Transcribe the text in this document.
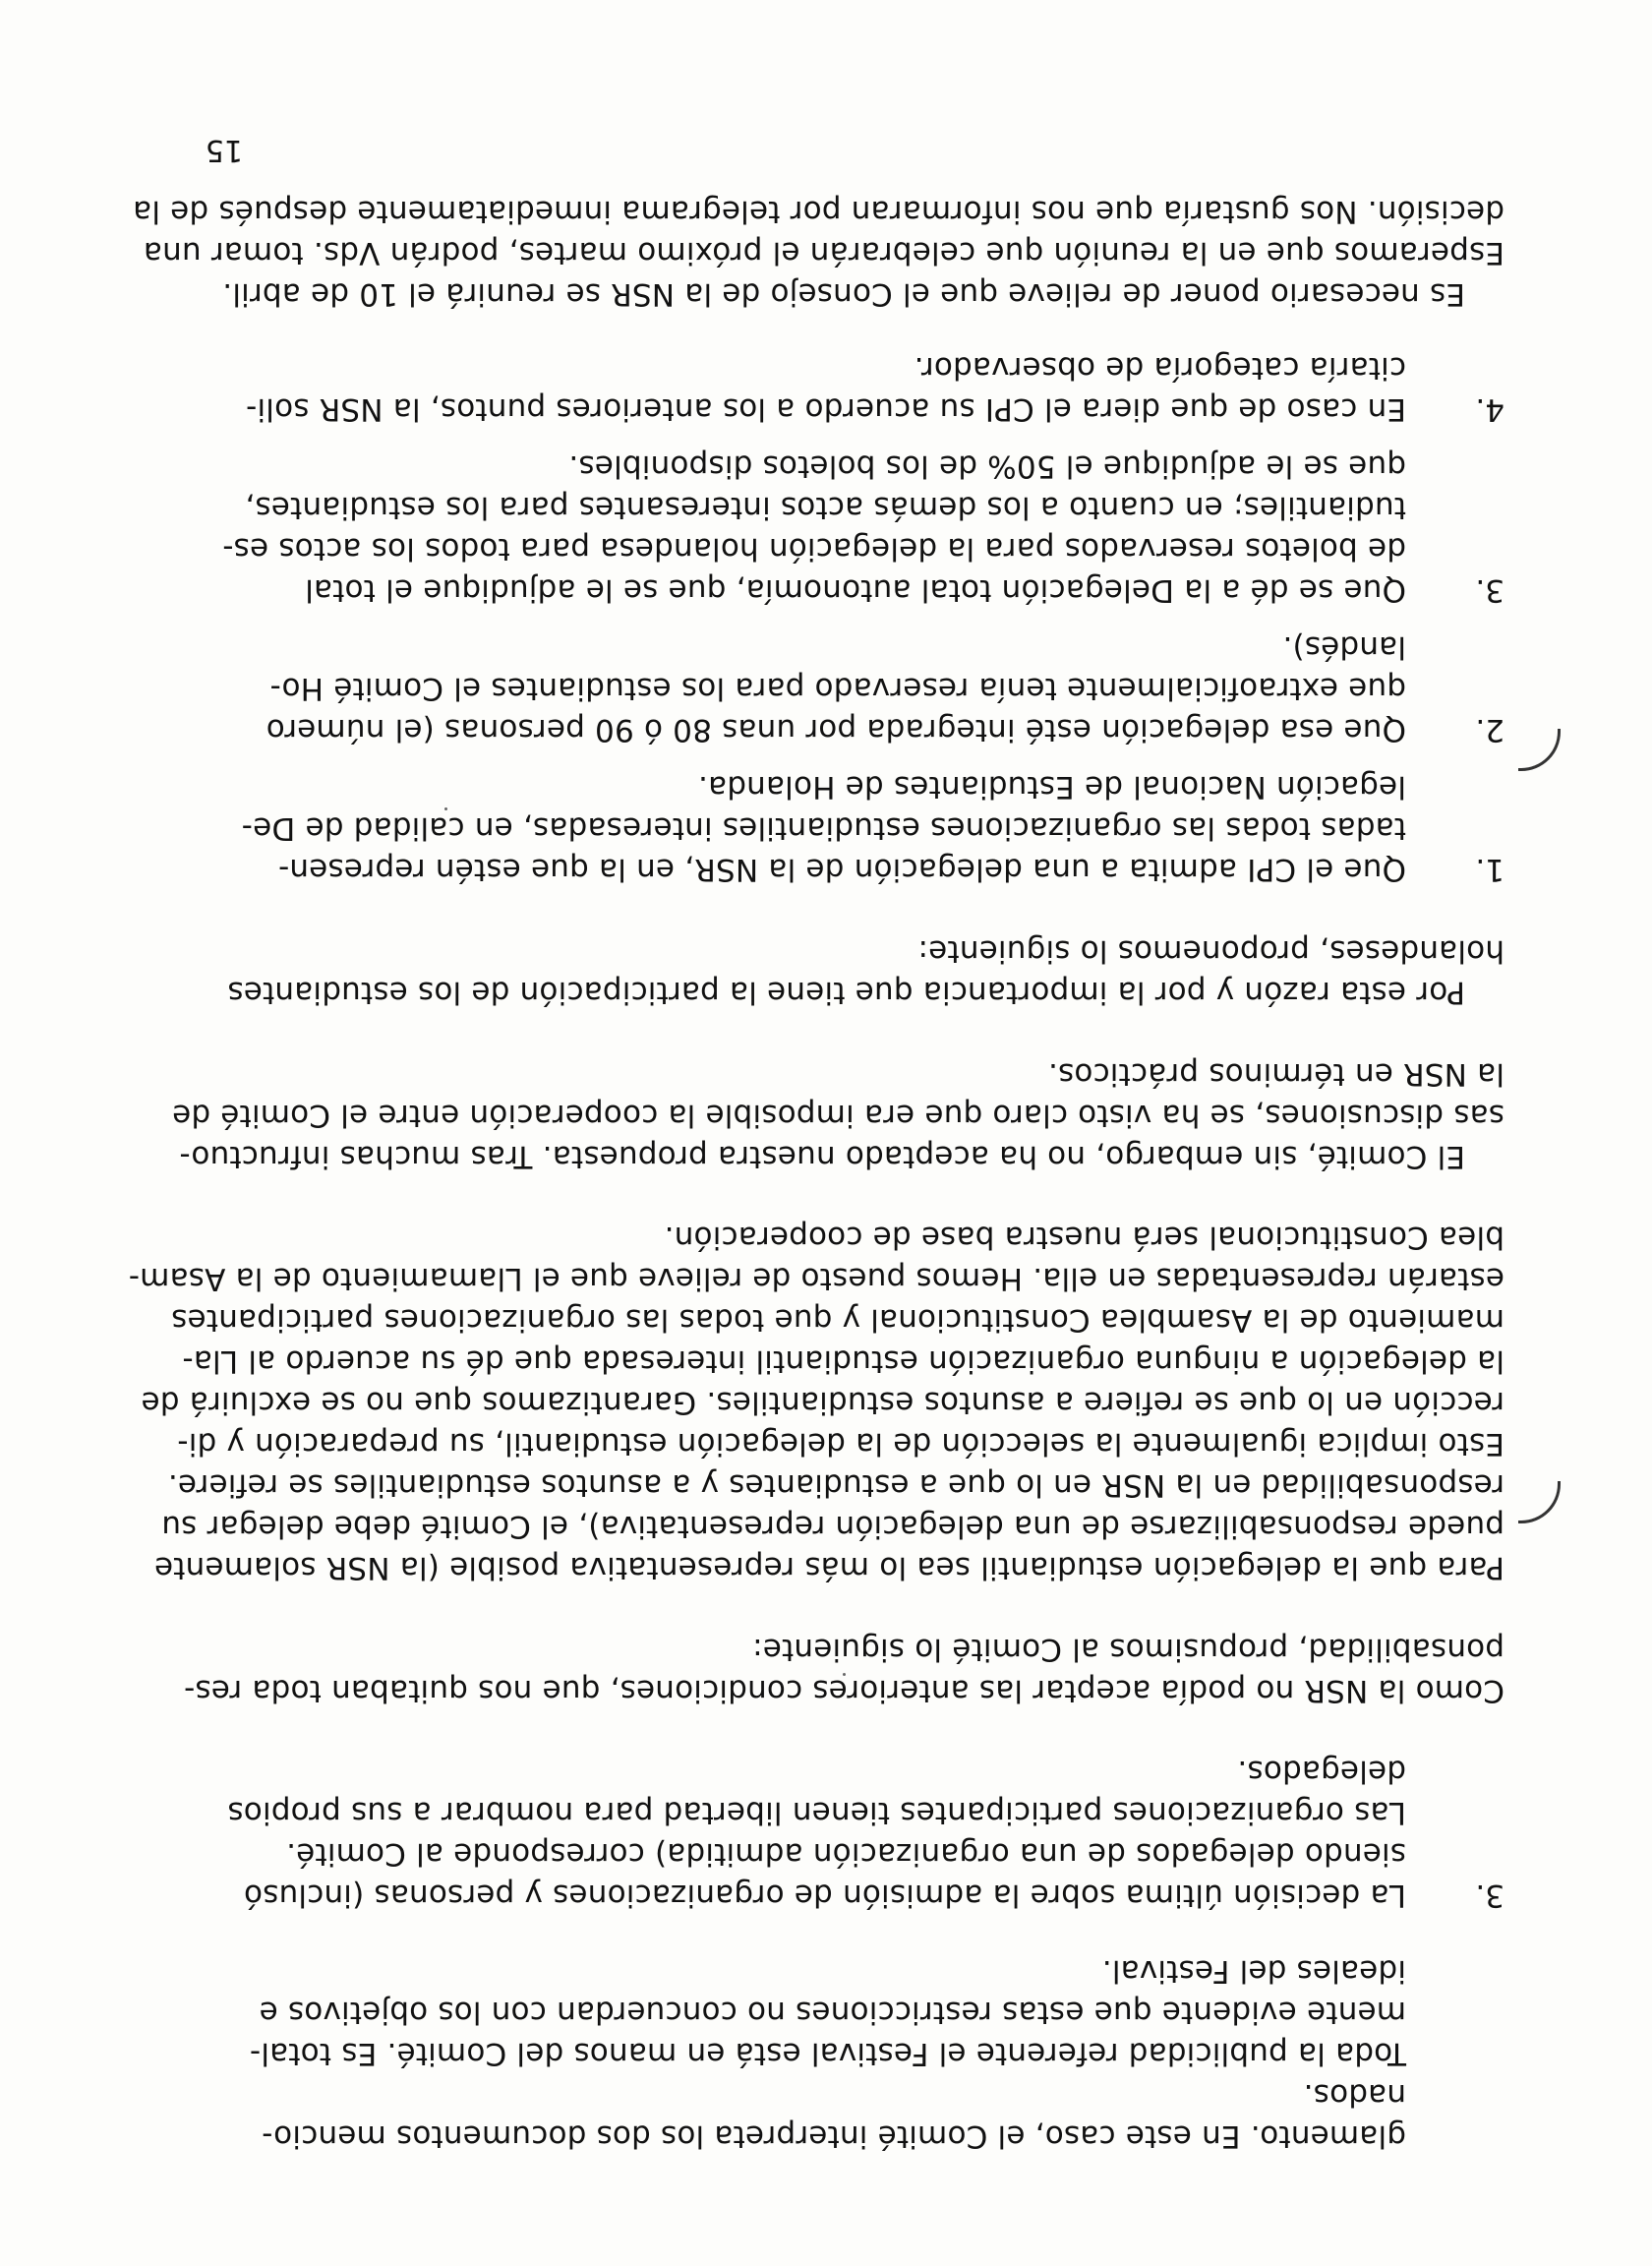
glamento. En este caso, el Comité interpreta los dos documentos mencio-
nados.
Toda la publicidad referente el Festival está en manos del Comité. Es total-
mente evidente que estas restricciones no concuerdan con los objetivos e
ideales del Festival.
3.
La decisión última sobre la admisión de organizaciones y personas (inclusó
siendo delegados de una organización admitida) corresponde al Comité.
Las organizaciones participantes tienen libertad para nombrar a sus propios
delegados.
Como la NSR no podía aceptar las anteriores condiciones, que nos quitaban toda res-
ponsabilidad, propusimos al Comité lo siguiente:
Para que la delegación estudiantil sea lo más representativa posible (la NSR solamente
puede responsabilizarse de una delegación representativa), el Comité debe delegar su
responsabilidad en la NSR en lo que a estudiantes y a asuntos estudiantiles se refiere.
Esto implica igualmente la selección de la delegación estudiantil, su preparación y di-
rección en lo que se refiere a asuntos estudiantiles. Garantizamos que no se excluirá de
la delegación a ninguna organización estudiantil interesada que dé su acuerdo al Lla-
mamiento de la Asamblea Constitucional y que todas las organizaciones participantes
estarán representadas en ella. Hemos puesto de relieve que el Llamamiento de la Asam-
blea Constitucional será nuestra base de cooperación.
El Comité, sin embargo, no ha aceptado nuestra propuesta. Tras muchas infructuo-
sas discusiones, se ha visto claro que era imposible la cooperación entre el Comité de
la NSR en términos prácticos.
Por esta razón y por la importancia que tiene la participación de los estudiantes
holandeses, proponemos lo siguiente:
1.
Que el CPI admita a una delegación de la NSR, en la que estén represen-
tadas todas las organizaciones estudiantiles interesadas, en calidad de De-
legación Nacional de Estudiantes de Holanda.
2.
Que esa delegación esté integrada por unas 80 ó 90 personas (el número
que extraoficialmente tenía reservado para los estudiantes el Comité Ho-
landés).
3.
Que se dé a la Delegación total autonomía, que se le adjudique el total
de boletos reservados para la delegación holandesa para todos los actos es-
tudiantiles; en cuanto a los demás actos interesantes para los estudiantes,
que se le adjudique el 50% de los boletos disponibles.
4.
En caso de que diera el CPI su acuerdo a los anteriores puntos, la NSR soli-
citaría categoría de observador.
Es necesario poner de relieve que el Consejo de la NSR se reunirá el 10 de abril.
Esperamos que en la reunión que celebrarán el próximo martes, podrán Vds. tomar una
decisión. Nos gustaría que nos informaran por telegrama inmediatamente después de la
15
